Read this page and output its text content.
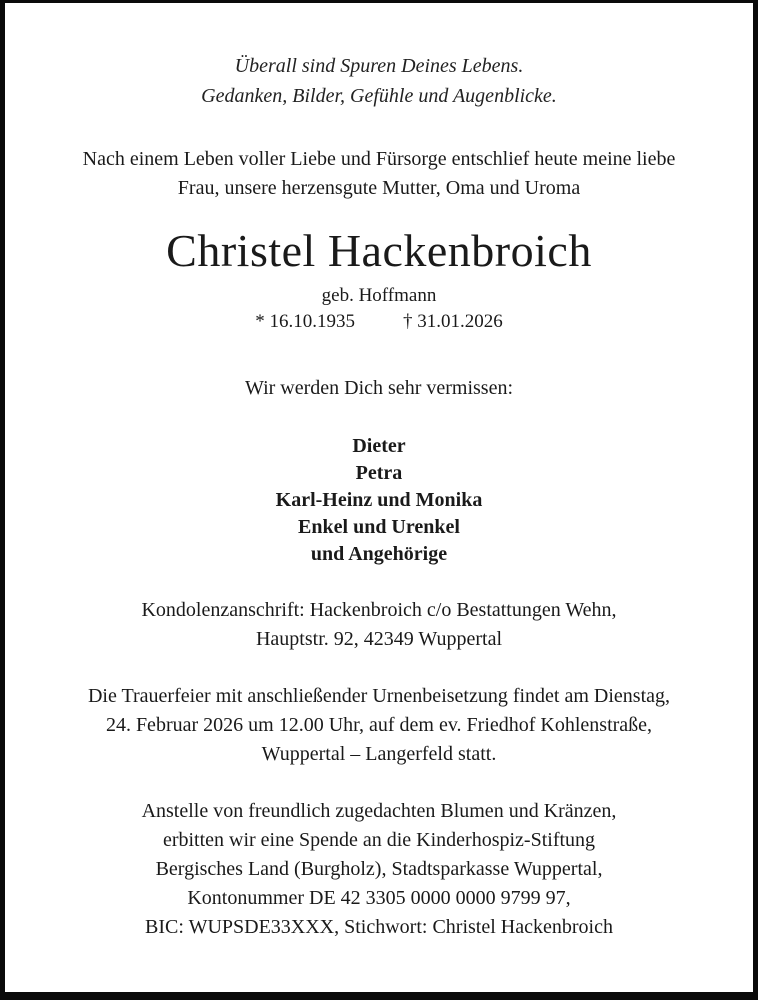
Überall sind Spuren Deines Lebens.
Gedanken, Bilder, Gefühle und Augenblicke.
Nach einem Leben voller Liebe und Fürsorge entschlief heute meine liebe
Frau, unsere herzensgute Mutter, Oma und Uroma
Christel Hackenbroich
geb. Hoffmann
* 16.10.1935	† 31.01.2026
Wir werden Dich sehr vermissen:
Dieter
Petra
Karl-Heinz und Monika
Enkel und Urenkel
und Angehörige
Kondolenzanschrift: Hackenbroich c/o Bestattungen Wehn,
Hauptstr. 92, 42349 Wuppertal
Die Trauerfeier mit anschließender Urnenbeisetzung findet am Dienstag,
24. Februar 2026 um 12.00 Uhr, auf dem ev. Friedhof Kohlenstraße,
Wuppertal – Langerfeld statt.
Anstelle von freundlich zugedachten Blumen und Kränzen,
erbitten wir eine Spende an die Kinderhospiz-Stiftung
Bergisches Land (Burgholz), Stadtsparkasse Wuppertal,
Kontonummer DE 42 3305 0000 0000 9799 97,
BIC: WUPSDE33XXX, Stichwort: Christel Hackenbroich
